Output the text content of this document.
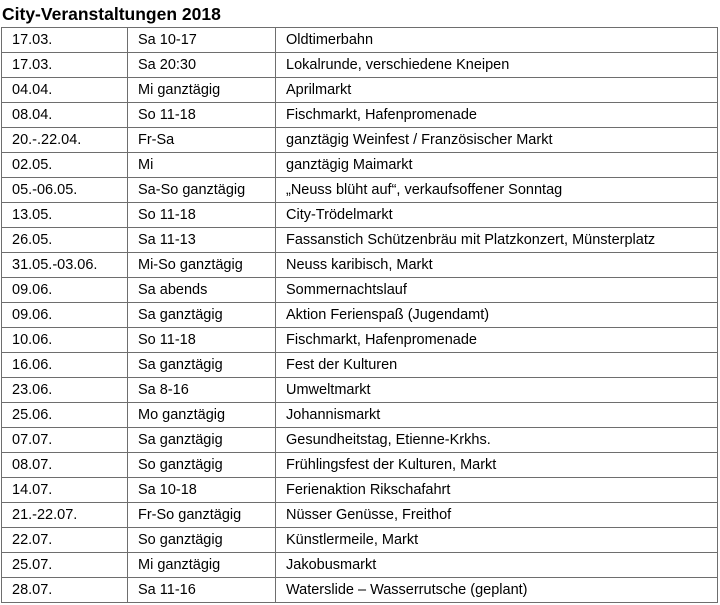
City-Veranstaltungen 2018
17.03.	Sa 10-17	Oldtimerbahn
17.03.	Sa 20:30	Lokalrunde, verschiedene Kneipen
04.04.	Mi ganztägig	Aprilmarkt
08.04.	So 11-18	Fischmarkt, Hafenpromenade
20.-.22.04.	Fr-Sa	ganztägig Weinfest / Französischer Markt
02.05.	Mi	ganztägig Maimarkt
05.-06.05.	Sa-So ganztägig	„Neuss blüht auf“, verkaufsoffener Sonntag
13.05.	So 11-18	City-Trödelmarkt
26.05.	Sa 11-13	Fassanstich Schützenbräu mit Platzkonzert, Münsterplatz
31.05.-03.06.	Mi-So ganztägig	Neuss karibisch, Markt
09.06.	Sa abends	Sommernachtslauf
09.06.	Sa ganztägig	Aktion Ferienspaß (Jugendamt)
10.06.	So 11-18	Fischmarkt, Hafenpromenade
16.06.	Sa ganztägig	Fest der Kulturen
23.06.	Sa 8-16	Umweltmarkt
25.06.	Mo ganztägig	Johannismarkt
07.07.	Sa ganztägig	Gesundheitstag, Etienne-Krkhs.
08.07.	So ganztägig	Frühlingsfest der Kulturen, Markt
14.07.	Sa 10-18	Ferienaktion Rikschafahrt
21.-22.07.	Fr-So ganztägig	Nüsser Genüsse, Freithof
22.07.	So ganztägig	Künstlermeile, Markt
25.07.	Mi ganztägig	Jakobusmarkt
28.07.	Sa 11-16	Waterslide – Wasserrutsche (geplant)
